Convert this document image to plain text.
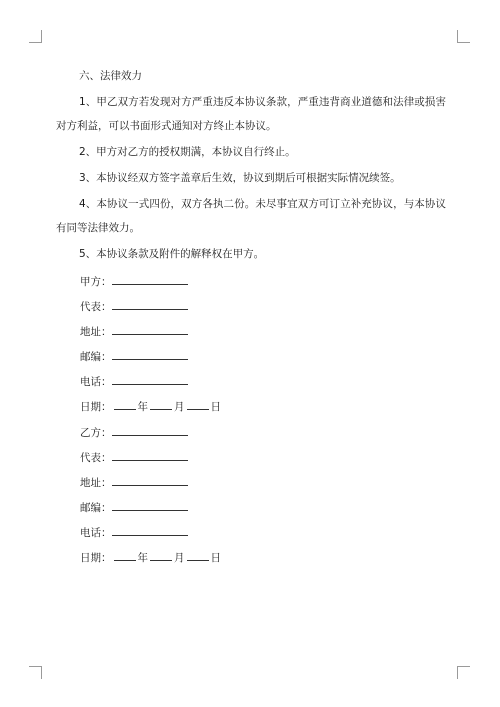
六、法律效力

1、甲乙双方若发现对方严重违反本协议条款，严重违背商业道德和法律或损害对方利益，可以书面形式通知对方终止本协议。

2、甲方对乙方的授权期满，本协议自行终止。

3、本协议经双方签字盖章后生效，协议到期后可根据实际情况续签。

4、本协议一式四份，双方各执二份。未尽事宜双方可订立补充协议，与本协议有同等法律效力。

5、本协议条款及附件的解释权在甲方。

甲方：
代表：
地址：
邮编：
电话：
日期： 年 月 日
乙方：
代表：
地址：
邮编：
电话：
日期： 年 月 日
